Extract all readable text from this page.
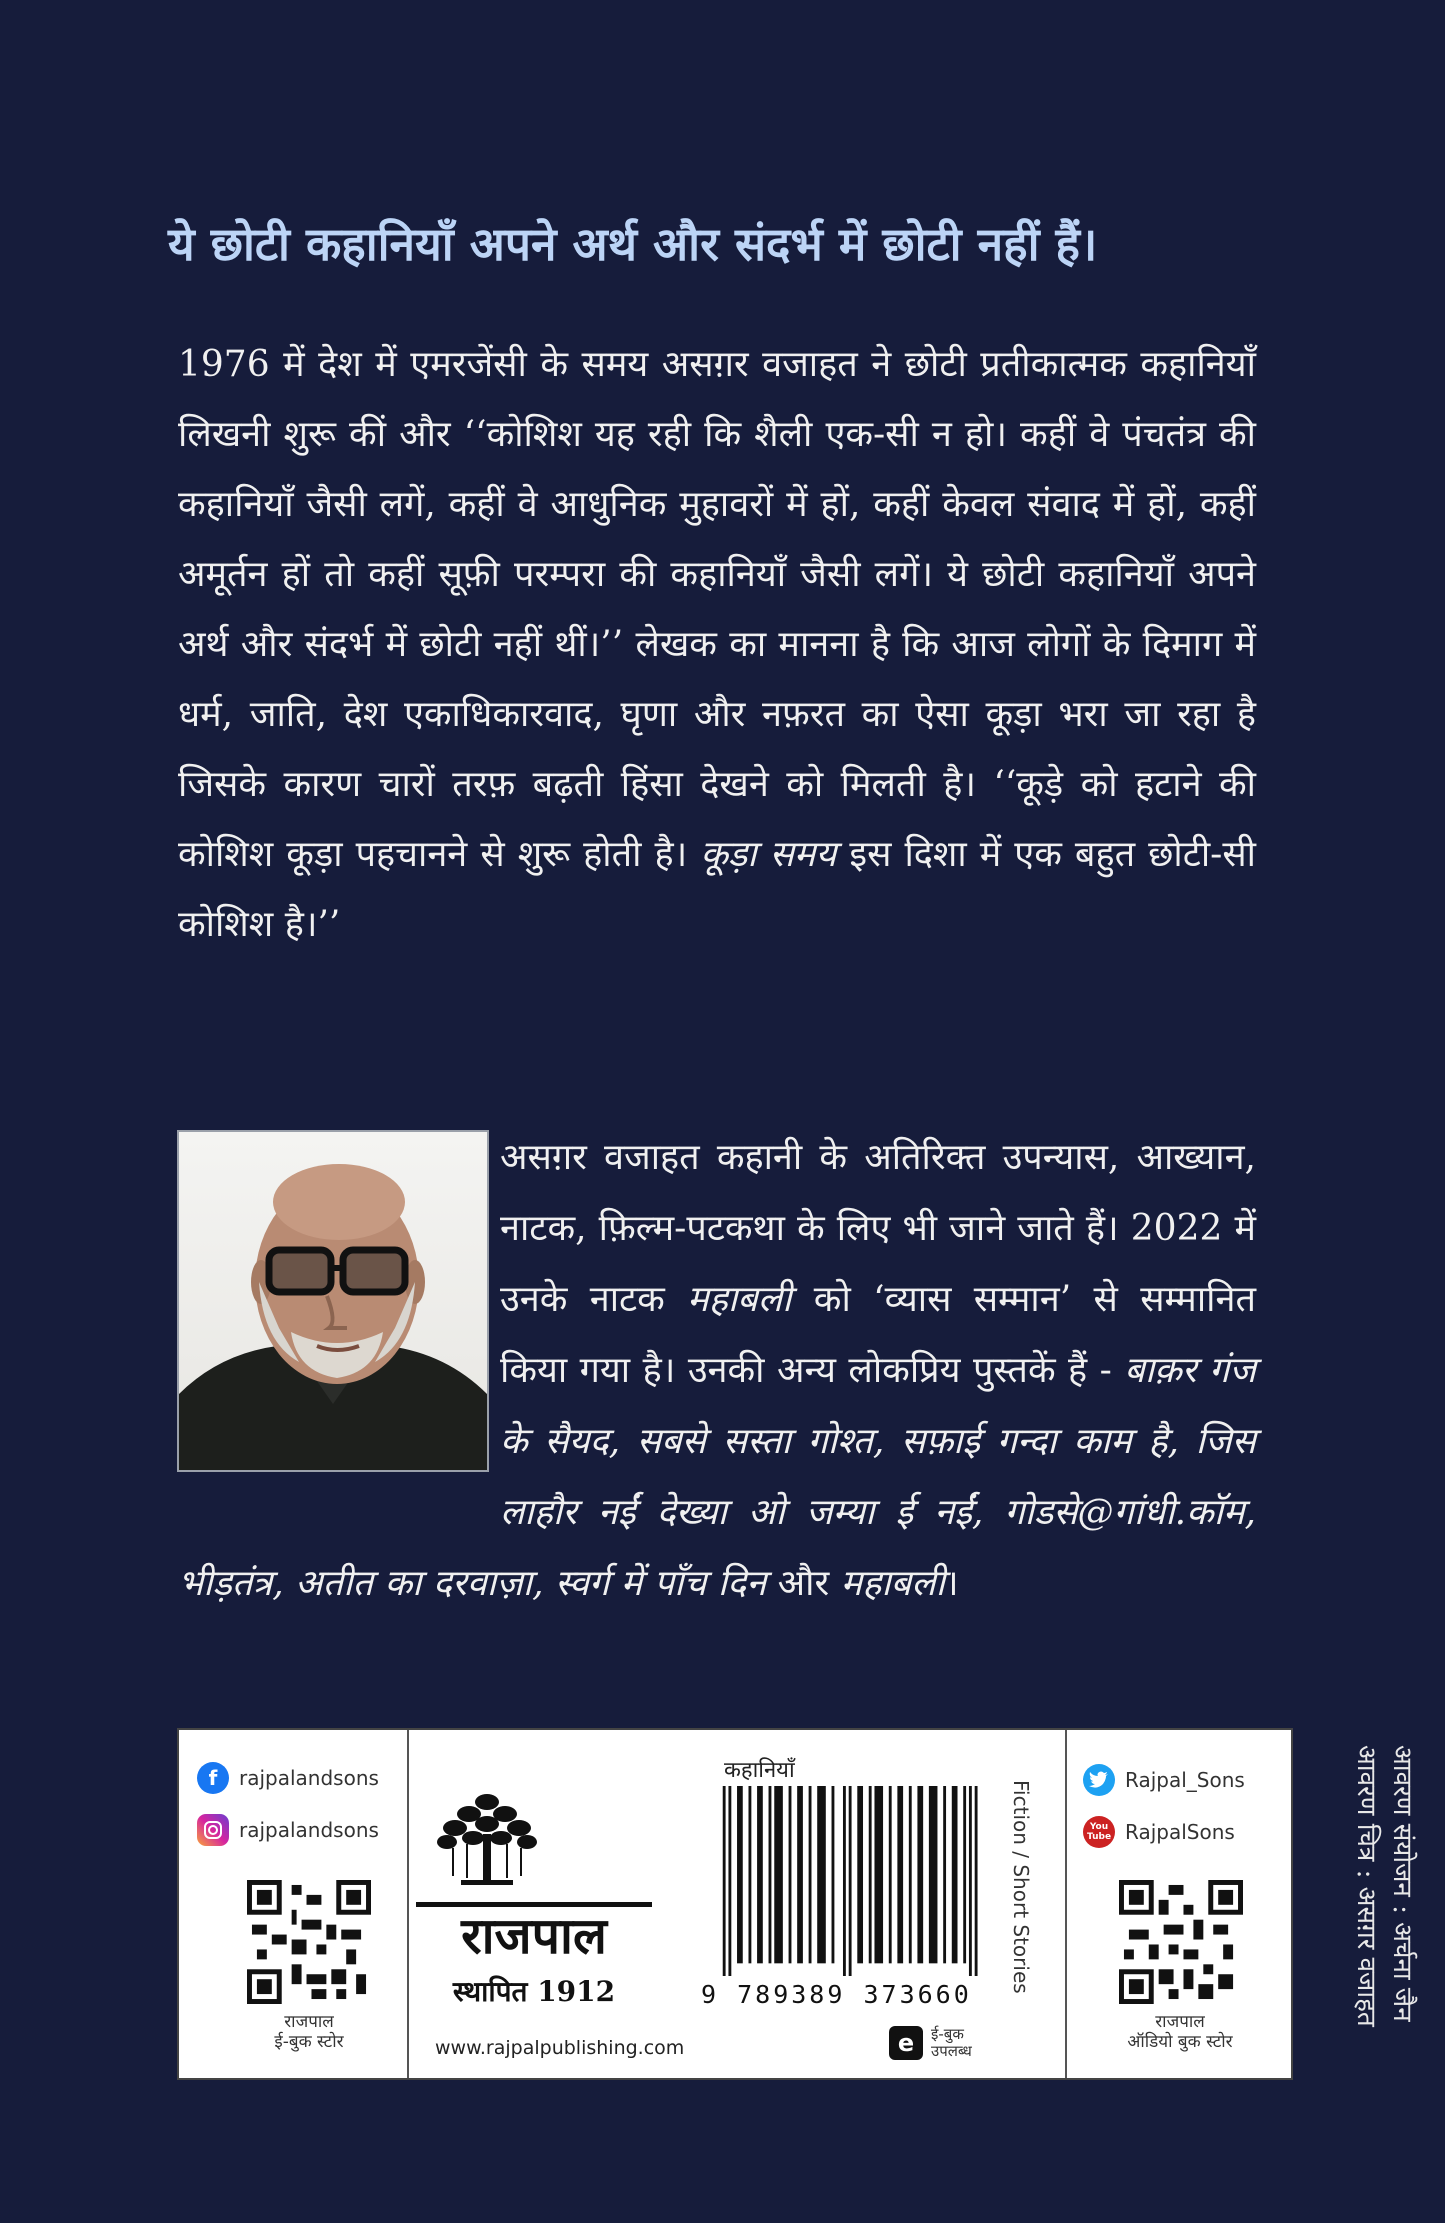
ये छोटी कहानियाँ अपने अर्थ और संदर्भ में छोटी नहीं हैं।
1976 में देश में एमरजेंसी के समय असग़र वजाहत ने छोटी प्रतीकात्मक कहानियाँ लिखनी शुरू कीं और ‘‘कोशिश यह रही कि शैली एक-सी न हो। कहीं वे पंचतंत्र की कहानियाँ जैसी लगें, कहीं वे आधुनिक मुहावरों में हों, कहीं केवल संवाद में हों, कहीं अमूर्तन हों तो कहीं सूफ़ी परम्परा की कहानियाँ जैसी लगें। ये छोटी कहानियाँ अपने अर्थ और संदर्भ में छोटी नहीं थीं।’’ लेखक का मानना है कि आज लोगों के दिमाग में धर्म, जाति, देश एकाधिकारवाद, घृणा और नफ़रत का ऐसा कूड़ा भरा जा रहा है जिसके कारण चारों तरफ़ बढ़ती हिंसा देखने को मिलती है। ‘‘कूड़े को हटाने की कोशिश कूड़ा पहचानने से शुरू होती है। कूड़ा समय इस दिशा में एक बहुत छोटी-सी कोशिश है।’’
असग़र वजाहत कहानी के अतिरिक्त उपन्यास, आख्यान, नाटक, फ़िल्म-पटकथा के लिए भी जाने जाते हैं। 2022 में उनके नाटक महाबली को ‘व्यास सम्मान’ से सम्मानित किया गया है। उनकी अन्य लोकप्रिय पुस्तकें हैं - बाक़र गंज के सैयद, सबसे सस्ता गोश्त, सफ़ाई गन्दा काम है, जिस लाहौर नईं देख्या ओ जम्या ई नईं, गोडसे@गांधी.कॉम, भीड़तंत्र, अतीत का दरवाज़ा, स्वर्ग में पाँच दिन और महाबली।
f	rajpalandsons
rajpalandsons
राजपाल
ई-बुक स्टोर
राजपाल
स्थापित 1912
www.rajpalpublishing.com
कहानियाँ
9 789389 373660
Fiction / Short Stories
e	ई-बुक
उपलब्ध
Rajpal_Sons
You
Tube RajpalSons
राजपाल
ऑडियो बुक स्टोर
आवरण चित्र : असग़र वजाहत आवरण संयोजन : अर्चना जैन
